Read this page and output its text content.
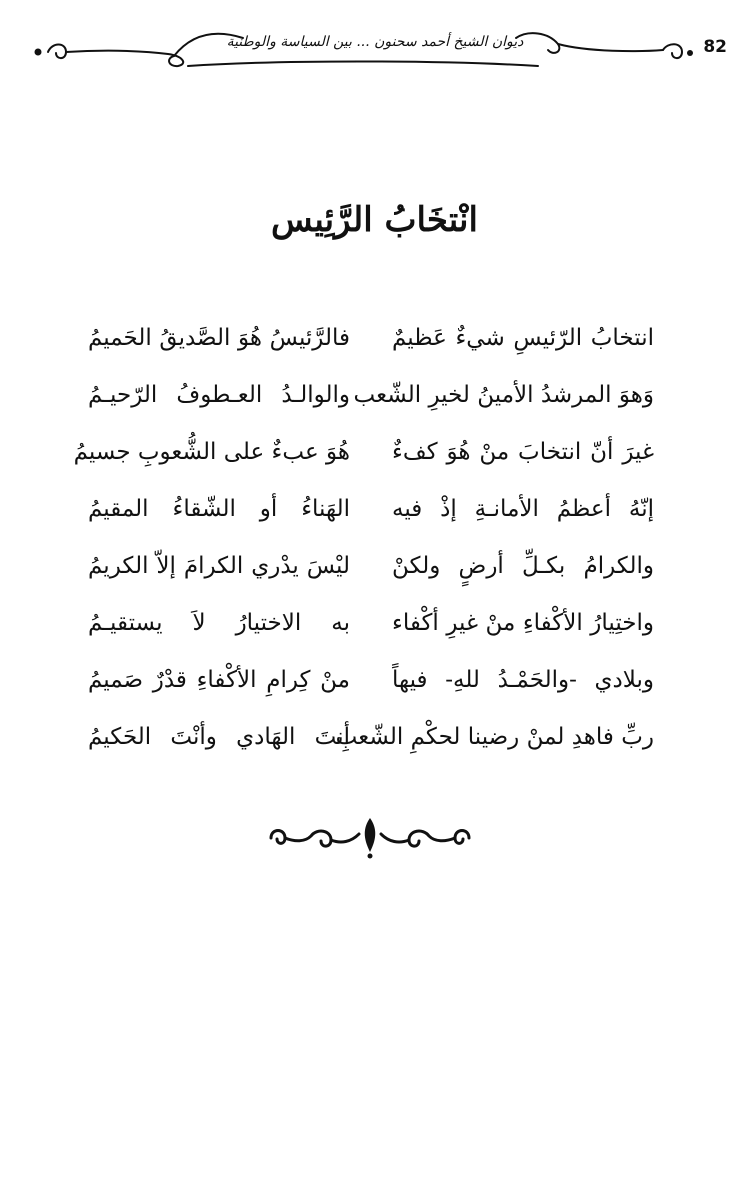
ديوان الشيخ أحمد سحنون ... بين السياسة والوطنية	82
انْتخَابُ الرَّئِيس
انتخابُ الرّئيسِ شيءٌ عَظيمٌ
فالرَّئيسُ هُوَ الصَّديقُ الحَميمُ
وَهوَ المرشدُ الأمينُ لخيرِ الشّعب
والوالـدُ العـطوفُ الرّحيـمُ
غيرَ أنّ انتخابَ منْ هُوَ كفءٌ
هُوَ عبءٌ على الشُّعوبِ جسيمُ
إنّهُ أعظمُ الأمانـةِ إذْ فيه
الهَناءُ أو الشّقاءُ المقيمُ
والكرامُ بكـلِّ أرضٍ ولكنْ
ليْسَ يدْري الكرامَ إلاّ الكريمُ
واختِيارُ الأكْفاءِ منْ غيرِ أكْفاء
به الاختيارُ لاَ يستقيـمُ
وبلادي -والحَمْـدُ للهِ- فيهاً
منْ كِرامِ الأكْفاءِ قدْرٌ صَميمُ
ربِّ فاهدِ لمنْ رضينا لحكْمِ الشّعبِ
أنتَ الهَادي وأنْتَ الحَكيمُ
